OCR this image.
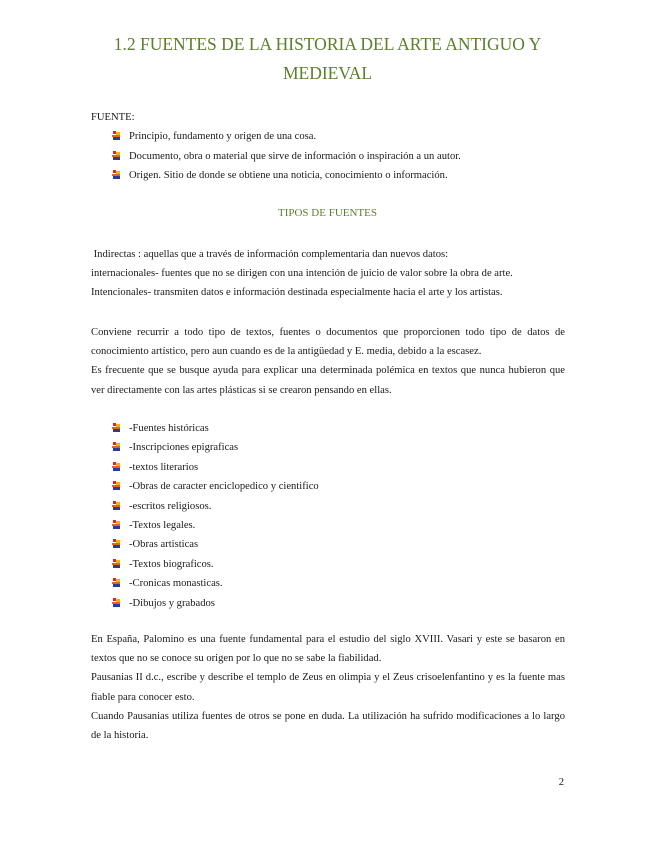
1.2 FUENTES DE LA HISTORIA DEL ARTE ANTIGUO Y
MEDIEVAL

FUENTE:

Principio, fundamento y origen de una cosa.
Documento, obra o material que sirve de información o inspiración a un autor.
Origen. Sitio de donde se obtiene una noticia, conocimiento o información.

TIPOS DE FUENTES

Indirectas : aquellas que a través de información complementaria dan nuevos datos:

internacionales- fuentes que no se dirigen con una intención de juicio de valor sobre la obra de arte.

Intencionales- transmiten datos e información destinada especialmente hacia el arte y los artistas.

Conviene recurrir a todo tipo de textos, fuentes o documentos que proporcionen todo tipo de datos de conocimiento artístico, pero aun cuando es de la antigüedad y E. media, debido a la escasez.

Es frecuente que se busque ayuda para explicar una determinada polémica en textos que nunca hubieron que ver directamente con las artes plásticas si se crearon pensando en ellas.

-Fuentes históricas
-Inscripciones epigraficas
-textos literarios
-Obras de caracter enciclopedico y cientifico
-escritos religiosos.
-Textos legales.
-Obras artisticas
-Textos biograficos.
-Cronicas monasticas.
-Dibujos y grabados

En España, Palomino es una fuente fundamental para el estudio del siglo XVIII. Vasari y este se basaron en textos que no se conoce su origen por lo que no se sabe la fiabilidad.

Pausanias II d.c., escribe y describe el templo de Zeus en olimpia y el Zeus crisoelenfantino y es la fuente mas fiable para conocer esto.

Cuando Pausanias utiliza fuentes de otros se pone en duda. La utilización ha sufrido modificaciones a lo largo de la historia.

2
